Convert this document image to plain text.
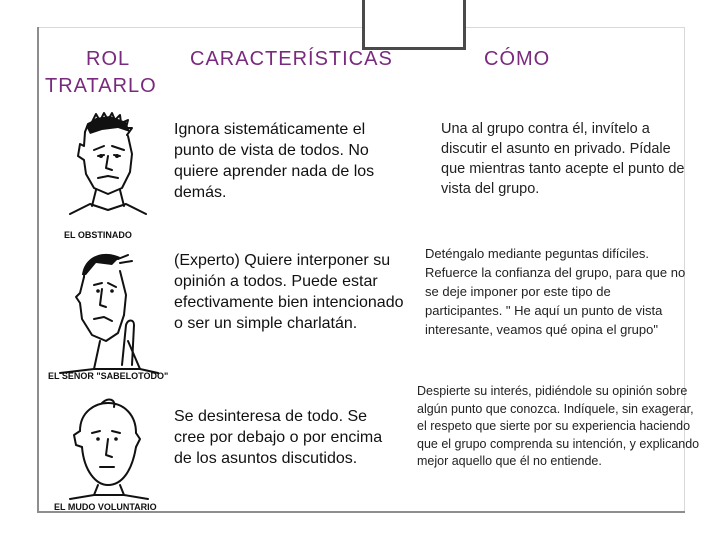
ROL	CARACTERÍSTICAS	CÓMO
TRATARLO
EL OBSTINADO
EL SEÑOR "SABELOTODO"
EL MUDO VOLUNTARIO
Ignora sistemáticamente el punto de vista de todos. No quiere aprender nada de los demás.
(Experto) Quiere interponer su opinión a todos. Puede estar efectivamente bien intencionado o ser un simple charlatán.
Se desinteresa de todo. Se cree por debajo o por encima de los asuntos discutidos.
Una al grupo contra él, invítelo a discutir el asunto en privado. Pídale que mientras tanto acepte el punto de vista del grupo.
Deténgalo mediante peguntas difíciles. Refuerce la confianza del grupo, para que no se deje imponer por este tipo de participantes. " He aquí un punto de vista interesante, veamos qué opina el grupo"
Despierte su interés, pidiéndole su opinión sobre algún punto que conozca. Indíquele, sin exagerar, el respeto que sierte por su experiencia haciendo que el grupo comprenda su intención, y explicando mejor aquello que él no entiende.
